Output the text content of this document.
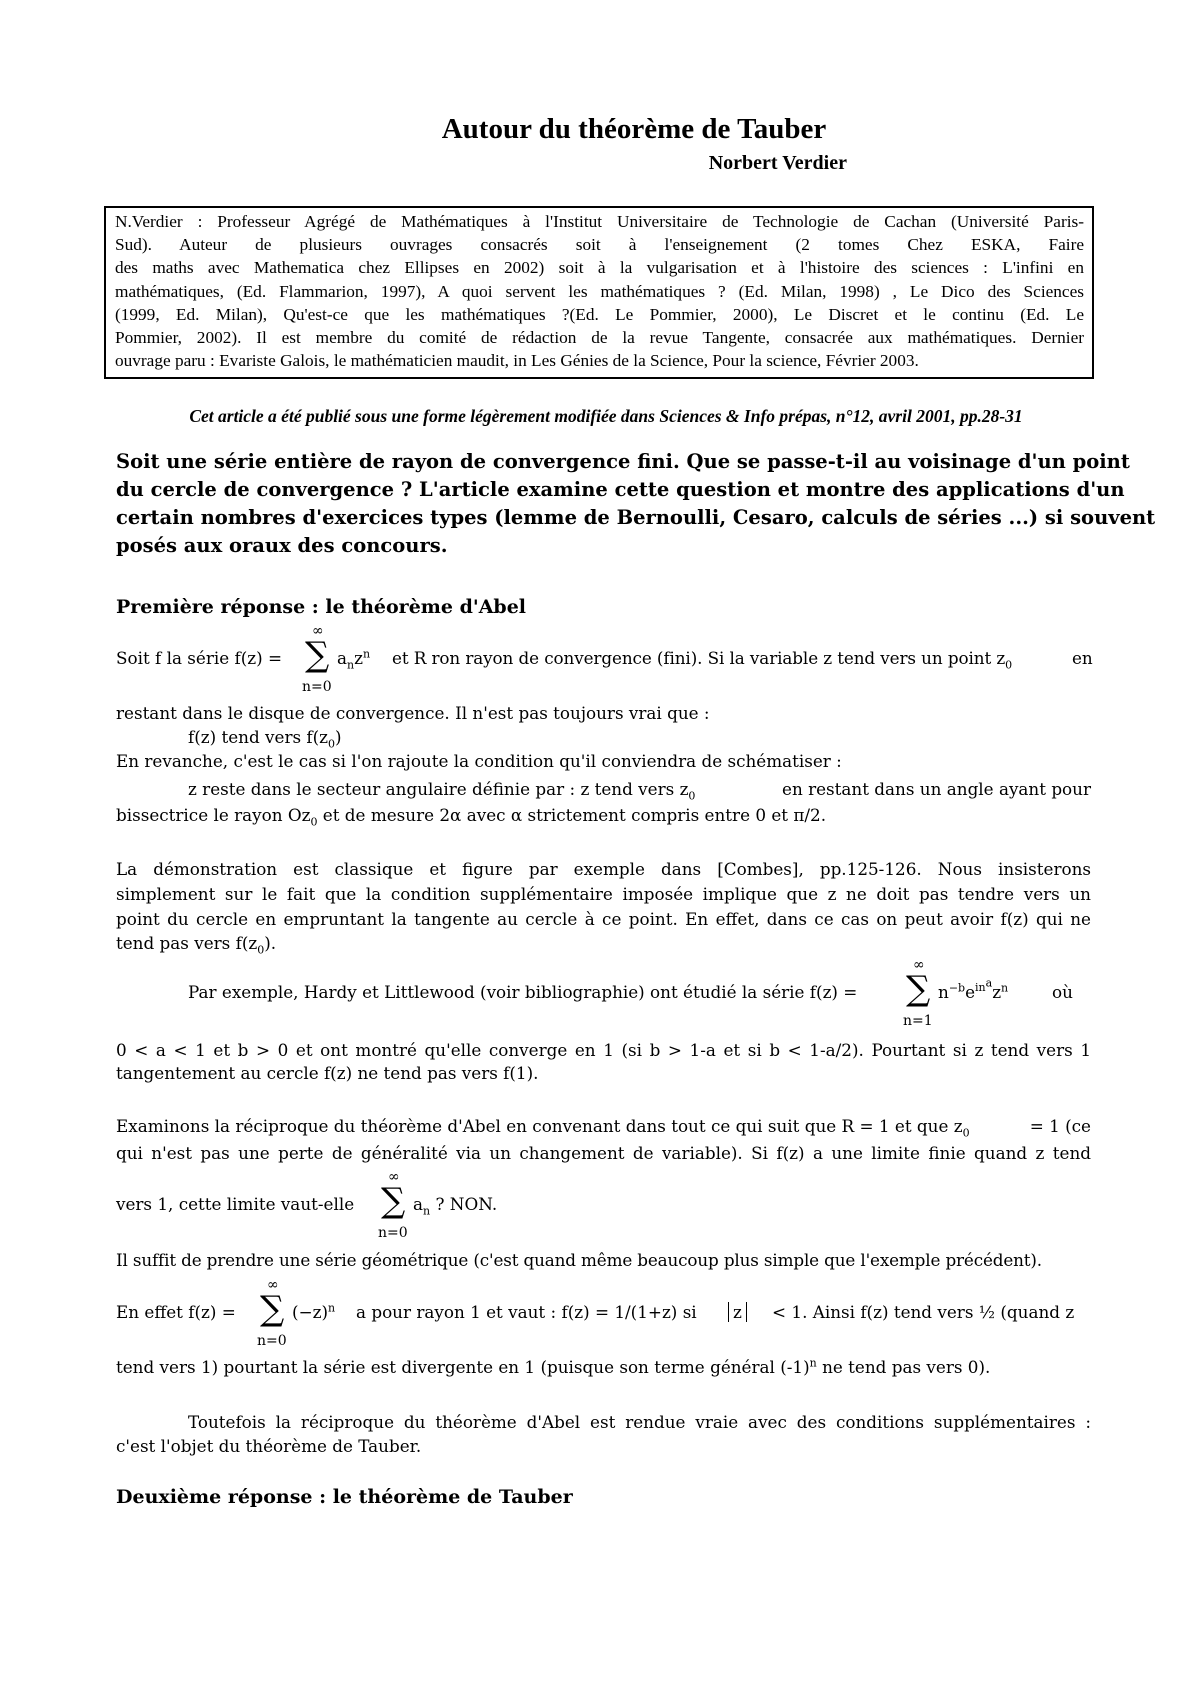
Autour du théorème de Tauber
Norbert Verdier
N.Verdier : Professeur Agrégé de Mathématiques à l'Institut Universitaire de Technologie de Cachan (Université Paris-
Sud). Auteur de plusieurs ouvrages consacrés soit à l'enseignement (2 tomes Chez ESKA, Faire
des maths avec Mathematica chez Ellipses en 2002) soit à la vulgarisation et à l'histoire des sciences : L'infini en
mathématiques, (Ed. Flammarion, 1997), A quoi servent les mathématiques ? (Ed. Milan, 1998) , Le Dico des Sciences
(1999, Ed. Milan), Qu'est-ce que les mathématiques ?(Ed. Le Pommier, 2000), Le Discret et le continu (Ed. Le
Pommier, 2002). Il est membre du comité de rédaction de la revue Tangente, consacrée aux mathématiques. Dernier
ouvrage paru : Evariste Galois, le mathématicien maudit, in Les Génies de la Science, Pour la science, Février 2003.
Cet article a été publié sous une forme légèrement modifiée dans Sciences & Info prépas, n°12, avril 2001, pp.28-31
Soit une série entière de rayon de convergence fini. Que se passe-t-il au voisinage d'un point
du cercle de convergence ? L'article examine cette question et montre des applications d'un
certain nombres d'exercices types (lemme de Bernoulli, Cesaro, calculs de séries ...) si souvent
posés aux oraux des concours.
Première réponse : le théorème d'Abel
Soit f la série f(z) =
∞
∑
n=0
$a_nz^n$ et R ron rayon de convergence (fini). Si la variable z tend vers un point $z_0$	en
restant dans le disque de convergence. Il n'est pas toujours vrai que :
f(z) tend vers $f(z_0)$
En revanche, c'est le cas si l'on rajoute la condition qu'il conviendra de schématiser :
z reste dans le secteur angulaire définie par : z tend vers $z_0$	en restant dans un angle ayant pour
bissectrice le rayon $Oz_0$ et de mesure 2α avec α strictement compris entre 0 et π/2.
La démonstration est classique et figure par exemple dans [Combes], pp.125-126. Nous insisterons
simplement sur le fait que la condition supplémentaire imposée implique que z ne doit pas tendre vers un
point du cercle en empruntant la tangente au cercle à ce point. En effet, dans ce cas on peut avoir f(z) qui ne
tend pas vers $f(z_0)$.
Par exemple, Hardy et Littlewood (voir bibliographie) ont étudié la série f(z) =
∞
∑
n=1
$n^{-b}e^{in^a}z^n$	où
0 < a < 1 et b > 0 et ont montré qu'elle converge en 1 (si b > 1-a et si b < 1-a/2). Pourtant si z tend vers 1
tangentement au cercle f(z) ne tend pas vers f(1).
Examinons la réciproque du théorème d'Abel en convenant dans tout ce qui suit que R = 1 et que $z_0$	= 1 (ce
qui n'est pas une perte de généralité via un changement de variable). Si f(z) a une limite finie quand z tend
vers 1, cette limite vaut-elle
∞
∑
n=0
$a_n$ ? NON.
Il suffit de prendre une série géométrique (c'est quand même beaucoup plus simple que l'exemple précédent).
En effet f(z) =
∞
∑
n=0
$(-z)^n$ a pour rayon 1 et vaut : f(z) = 1/(1+z) si z < 1. Ainsi f(z) tend vers ½ (quand z
tend vers 1) pourtant la série est divergente en 1 (puisque son terme général $(-1)^n$ ne tend pas vers 0).
Toutefois la réciproque du théorème d'Abel est rendue vraie avec des conditions supplémentaires :
c'est l'objet du théorème de Tauber.
Deuxième réponse : le théorème de Tauber
